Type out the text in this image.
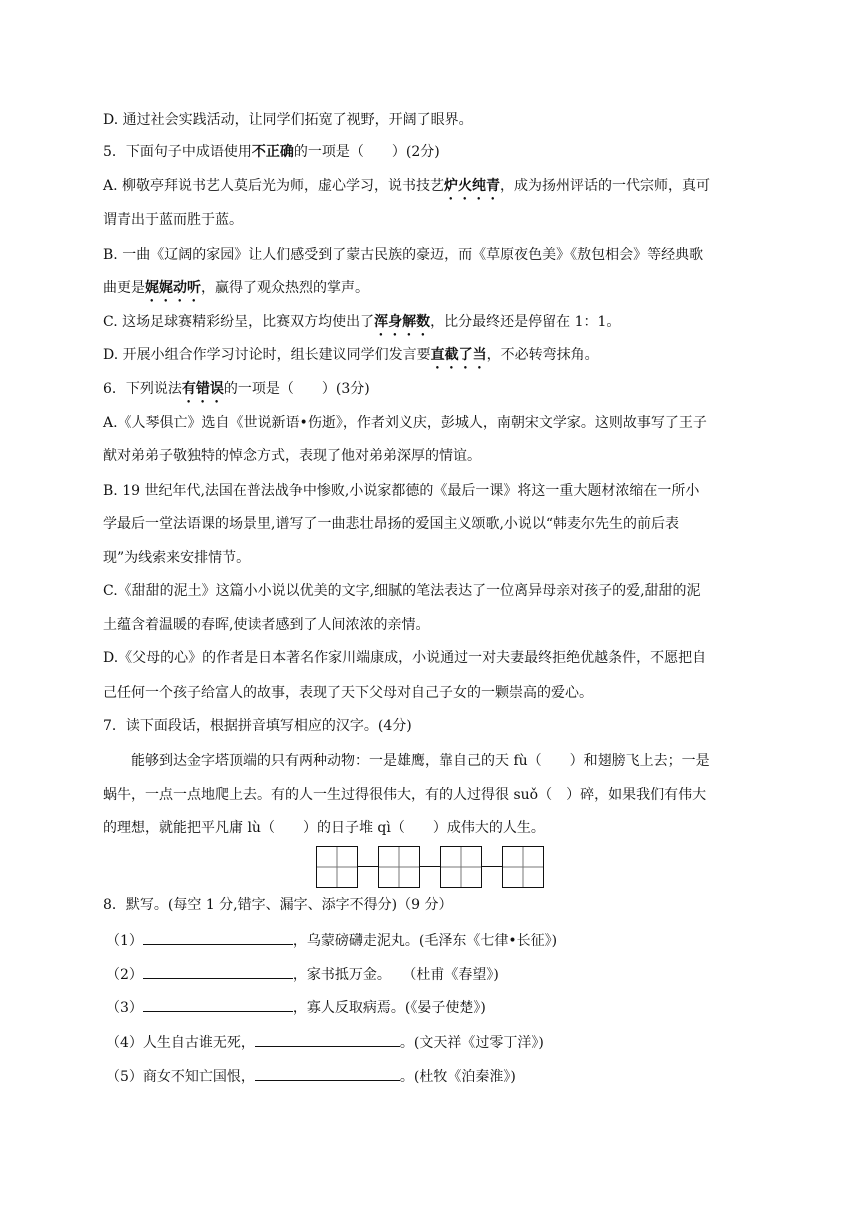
D. 通过社会实践活动，让同学们拓宽了视野，开阔了眼界。
5．下面句子中成语使用不正确的一项是（　　）(2分)
A. 柳敬亭拜说书艺人莫后光为师，虚心学习，说书技艺炉火纯青，成为扬州评话的一代宗师，真可
谓青出于蓝而胜于蓝。
B. 一曲《辽阔的家园》让人们感受到了蒙古民族的豪迈，而《草原夜色美》《敖包相会》等经典歌
曲更是娓娓动听，赢得了观众热烈的掌声。
C. 这场足球赛精彩纷呈，比赛双方均使出了浑身解数，比分最终还是停留在 1：1。
D. 开展小组合作学习讨论时，组长建议同学们发言要直截了当，不必转弯抹角。
6．下列说法有错误的一项是（　　）(3分)
A.《人琴俱亡》选自《世说新语•伤逝》，作者刘义庆，彭城人，南朝宋文学家。这则故事写了王子
猷对弟弟子敬独特的悼念方式，表现了他对弟弟深厚的情谊。
B. 19 世纪年代,法国在普法战争中惨败,小说家都德的《最后一课》将这一重大题材浓缩在一所小
学最后一堂法语课的场景里,谱写了一曲悲壮昂扬的爱国主义颂歌,小说以“韩麦尔先生的前后表
现”为线索来安排情节。
C.《甜甜的泥土》这篇小小说以优美的文字,细腻的笔法表达了一位离异母亲对孩子的爱,甜甜的泥
土蕴含着温暖的春晖,使读者感到了人间浓浓的亲情。
D.《父母的心》的作者是日本著名作家川端康成，小说通过一对夫妻最终拒绝优越条件，不愿把自
己任何一个孩子给富人的故事，表现了天下父母对自己子女的一颗崇高的爱心。
7．读下面段话，根据拼音填写相应的汉字。(4分)
能够到达金字塔顶端的只有两种动物：一是雄鹰，靠自己的天 fù（　　）和翅膀飞上去；一是
蜗牛，一点一点地爬上去。有的人一生过得很伟大，有的人过得很 suǒ（　）碎，如果我们有伟大
的理想，就能把平凡庸 lù（　　）的日子堆 qì（　　）成伟大的人生。
8．默写。(每空 1 分,错字、漏字、添字不得分)（9 分）
（1）	，乌蒙磅礴走泥丸。(毛泽东《七律•长征》)
（2）	，家书抵万金。　 （杜甫《春望》)
（3）	，寡人反取病焉。(《晏子使楚》)
（4）人生自古谁无死，	。(文天祥《过零丁洋》)
（5）商女不知亡国恨，	。(杜牧《泊秦淮》)
